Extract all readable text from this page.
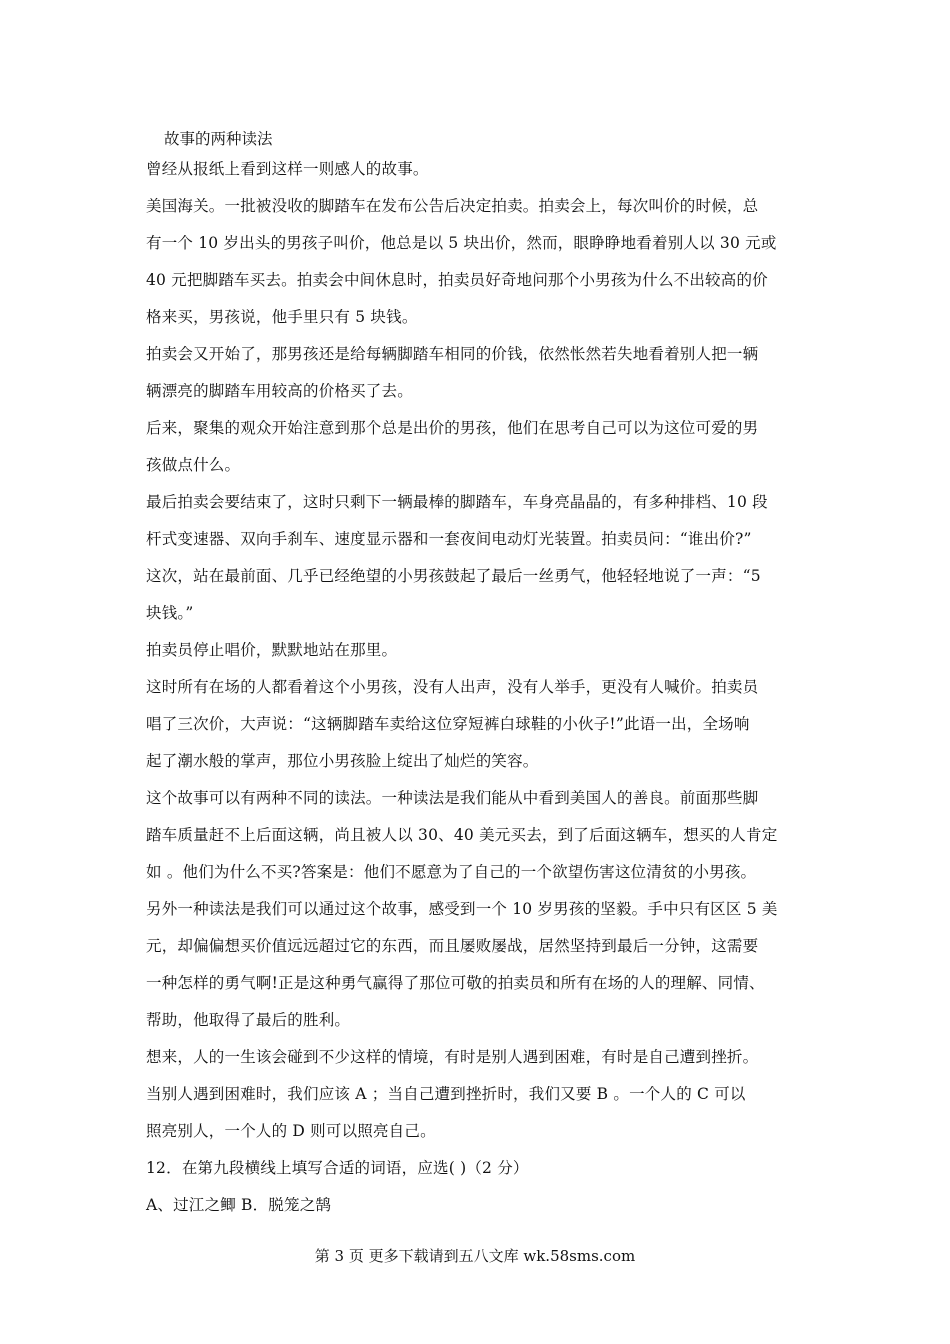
故事的两种读法
曾经从报纸上看到这样一则感人的故事。
美国海关。一批被没收的脚踏车在发布公告后决定拍卖。拍卖会上，每次叫价的时候，总
有一个 10 岁出头的男孩子叫价，他总是以 5 块出价，然而，眼睁睁地看着别人以 30 元或
40 元把脚踏车买去。拍卖会中间休息时，拍卖员好奇地问那个小男孩为什么不出较高的价
格来买，男孩说，他手里只有 5 块钱。
拍卖会又开始了，那男孩还是给每辆脚踏车相同的价钱，依然怅然若失地看着别人把一辆
辆漂亮的脚踏车用较高的价格买了去。
后来，聚集的观众开始注意到那个总是出价的男孩，他们在思考自己可以为这位可爱的男
孩做点什么。
最后拍卖会要结束了，这时只剩下一辆最棒的脚踏车，车身亮晶晶的，有多种排档、10 段
杆式变速器、双向手刹车、速度显示器和一套夜间电动灯光装置。拍卖员问：“谁出价?”
这次，站在最前面、几乎已经绝望的小男孩鼓起了最后一丝勇气，他轻轻地说了一声：“5
块钱。”
拍卖员停止唱价，默默地站在那里。
这时所有在场的人都看着这个小男孩，没有人出声，没有人举手，更没有人喊价。拍卖员
唱了三次价，大声说：“这辆脚踏车卖给这位穿短裤白球鞋的小伙子!”此语一出，全场响
起了潮水般的掌声，那位小男孩脸上绽出了灿烂的笑容。
这个故事可以有两种不同的读法。一种读法是我们能从中看到美国人的善良。前面那些脚
踏车质量赶不上后面这辆，尚且被人以 30、40 美元买去，到了后面这辆车，想买的人肯定
如 。他们为什么不买?答案是：他们不愿意为了自己的一个欲望伤害这位清贫的小男孩。
另外一种读法是我们可以通过这个故事，感受到一个 10 岁男孩的坚毅。手中只有区区 5 美
元，却偏偏想买价值远远超过它的东西，而且屡败屡战，居然坚持到最后一分钟，这需要
一种怎样的勇气啊!正是这种勇气赢得了那位可敬的拍卖员和所有在场的人的理解、同情、
帮助，他取得了最后的胜利。
想来，人的一生该会碰到不少这样的情境，有时是别人遇到困难，有时是自己遭到挫折。
当别人遇到困难时，我们应该 A ；当自己遭到挫折时，我们又要 B 。一个人的 C 可以
照亮别人，一个人的 D 则可以照亮自己。
12．在第九段横线上填写合适的词语，应选( )（2 分）
A、过江之鲫 B．脱笼之鹄
第 3 页 更多下载请到五八文库 wk.58sms.com
